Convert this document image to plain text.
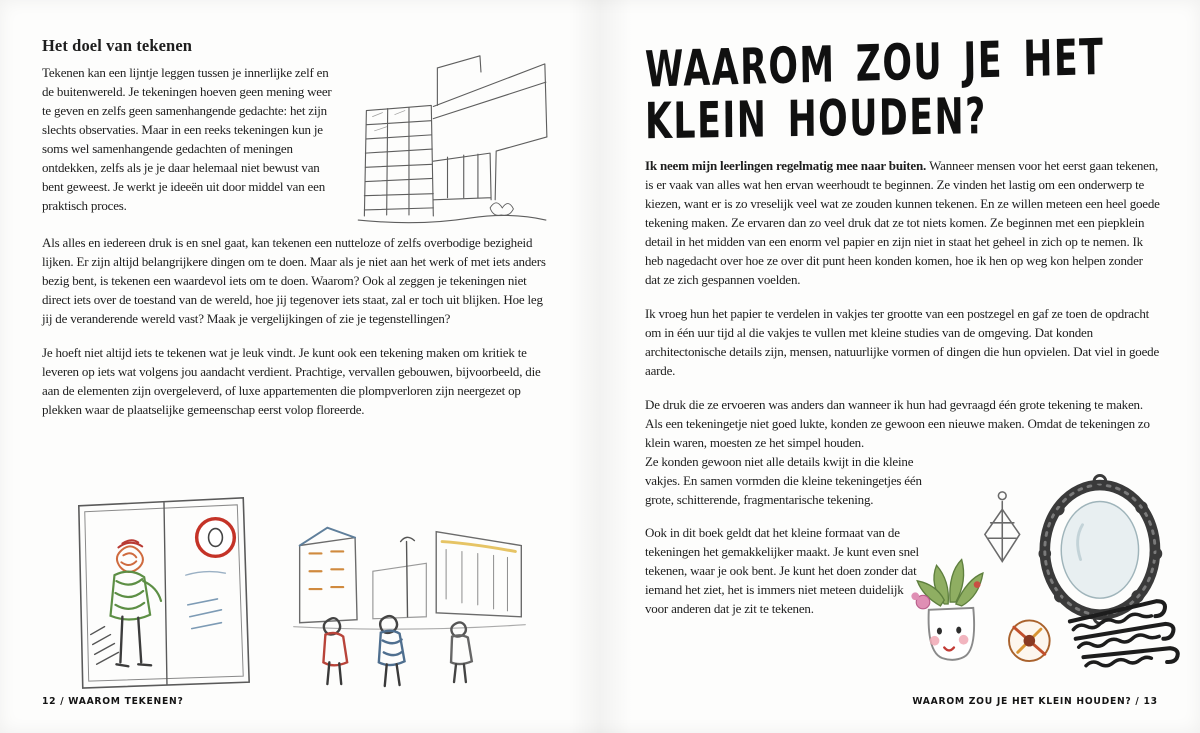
Het doel van tekenen

Tekenen kan een lijntje leggen tussen je innerlijke zelf en de buitenwereld. Je tekeningen hoeven geen mening weer te geven en zelfs geen samenhangende gedachte: het zijn slechts observaties. Maar in een reeks tekeningen kun je soms wel samenhangende gedachten of meningen ontdekken, zelfs als je je daar helemaal niet bewust van bent geweest. Je werkt je ideeën uit door middel van een praktisch proces.

Als alles en iedereen druk is en snel gaat, kan tekenen een nutteloze of zelfs overbodige bezigheid lijken. Er zijn altijd belangrijkere dingen om te doen. Maar als je niet aan het werk of met iets anders bezig bent, is tekenen een waardevol iets om te doen. Waarom? Ook al zeggen je tekeningen niet direct iets over de toestand van de wereld, hoe jij tegenover iets staat, zal er toch uit blijken. Hoe leg jij de veranderende wereld vast? Maak je vergelijkingen of zie je tegenstellingen?

Je hoeft niet altijd iets te tekenen wat je leuk vindt. Je kunt ook een tekening maken om kritiek te leveren op iets wat volgens jou aandacht verdient. Prachtige, vervallen gebouwen, bijvoorbeeld, die aan de elementen zijn overgeleverd, of luxe appartementen die plompverloren zijn neergezet op plekken waar de plaatselijke gemeenschap eerst volop floreerde.

12 / WAAROM TEKENEN?
WAAROM ZOU JE HET
KLEIN HOUDEN?

Ik neem mijn leerlingen regelmatig mee naar buiten. Wanneer mensen voor het eerst gaan tekenen, is er vaak van alles wat hen ervan weerhoudt te beginnen. Ze vinden het lastig om een onderwerp te kiezen, want er is zo vreselijk veel wat ze zouden kunnen tekenen. En ze willen meteen een heel goede tekening maken. Ze ervaren dan zo veel druk dat ze tot niets komen. Ze beginnen met een piepklein detail in het midden van een enorm vel papier en zijn niet in staat het geheel in zich op te nemen. Ik heb nagedacht over hoe ze over dit punt heen konden komen, hoe ik hen op weg kon helpen zonder dat ze zich gespannen voelden.

Ik vroeg hun het papier te verdelen in vakjes ter grootte van een postzegel en gaf ze toen de opdracht om in één uur tijd al die vakjes te vullen met kleine studies van de omgeving. Dat konden architectonische details zijn, mensen, natuurlijke vormen of dingen die hun opvielen. Dat viel in goede aarde.

De druk die ze ervoeren was anders dan wanneer ik hun had gevraagd één grote tekening te maken. Als een tekeningetje niet goed lukte, konden ze gewoon een nieuwe maken. Omdat de tekeningen zo klein waren, moesten ze het simpel houden.

Ze konden gewoon niet alle details kwijt in die kleine vakjes. En samen vormden die kleine tekeningetjes één grote, schitterende, fragmentarische tekening.

Ook in dit boek geldt dat het kleine formaat van de tekeningen het gemakkelijker maakt. Je kunt even snel tekenen, waar je ook bent. Je kunt het doen zonder dat iemand het ziet, het is immers niet meteen duidelijk voor anderen dat je zit te tekenen.

WAAROM ZOU JE HET KLEIN HOUDEN? / 13
